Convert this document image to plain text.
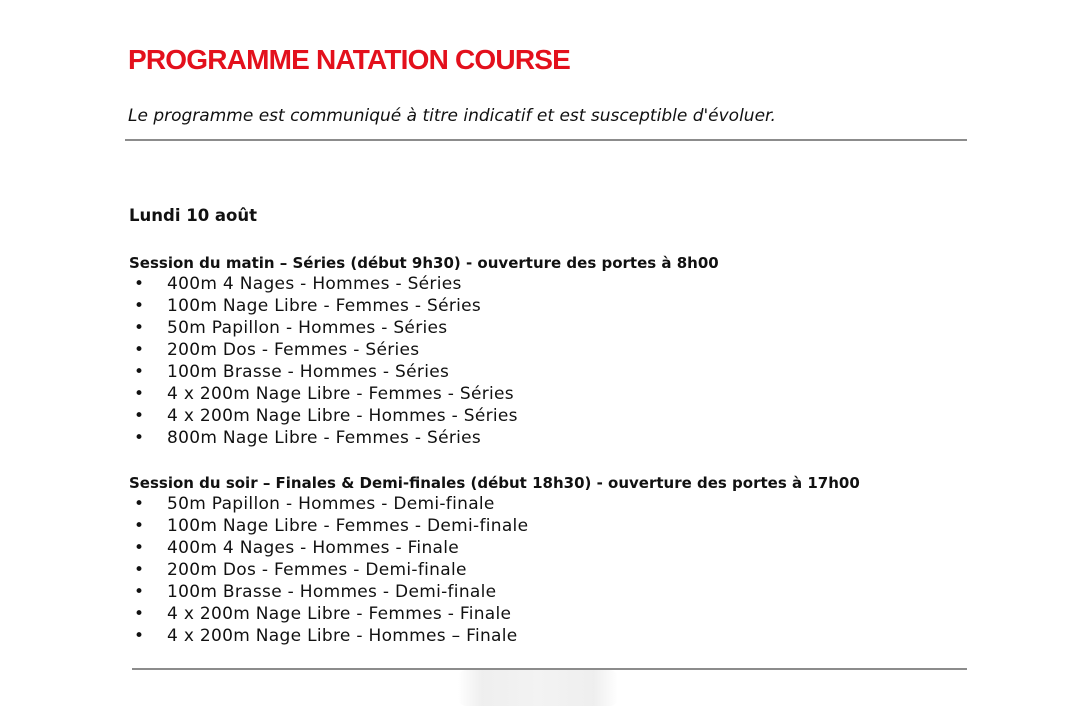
PROGRAMME NATATION COURSE

Le programme est communiqué à titre indicatif et est susceptible d'évoluer.

Lundi 10 août
Session du matin – Séries (début 9h30) - ouverture des portes à 8h00
• 400m 4 Nages - Hommes - Séries
• 100m Nage Libre - Femmes - Séries
• 50m Papillon - Hommes - Séries
• 200m Dos - Femmes - Séries
• 100m Brasse - Hommes - Séries
• 4 x 200m Nage Libre - Femmes - Séries
• 4 x 200m Nage Libre - Hommes - Séries
• 800m Nage Libre - Femmes - Séries
Session du soir – Finales & Demi-finales (début 18h30) - ouverture des portes à 17h00
• 50m Papillon - Hommes - Demi-finale
• 100m Nage Libre - Femmes - Demi-finale
• 400m 4 Nages - Hommes - Finale
• 200m Dos - Femmes - Demi-finale
• 100m Brasse - Hommes - Demi-finale
• 4 x 200m Nage Libre - Femmes - Finale
• 4 x 200m Nage Libre - Hommes – Finale
